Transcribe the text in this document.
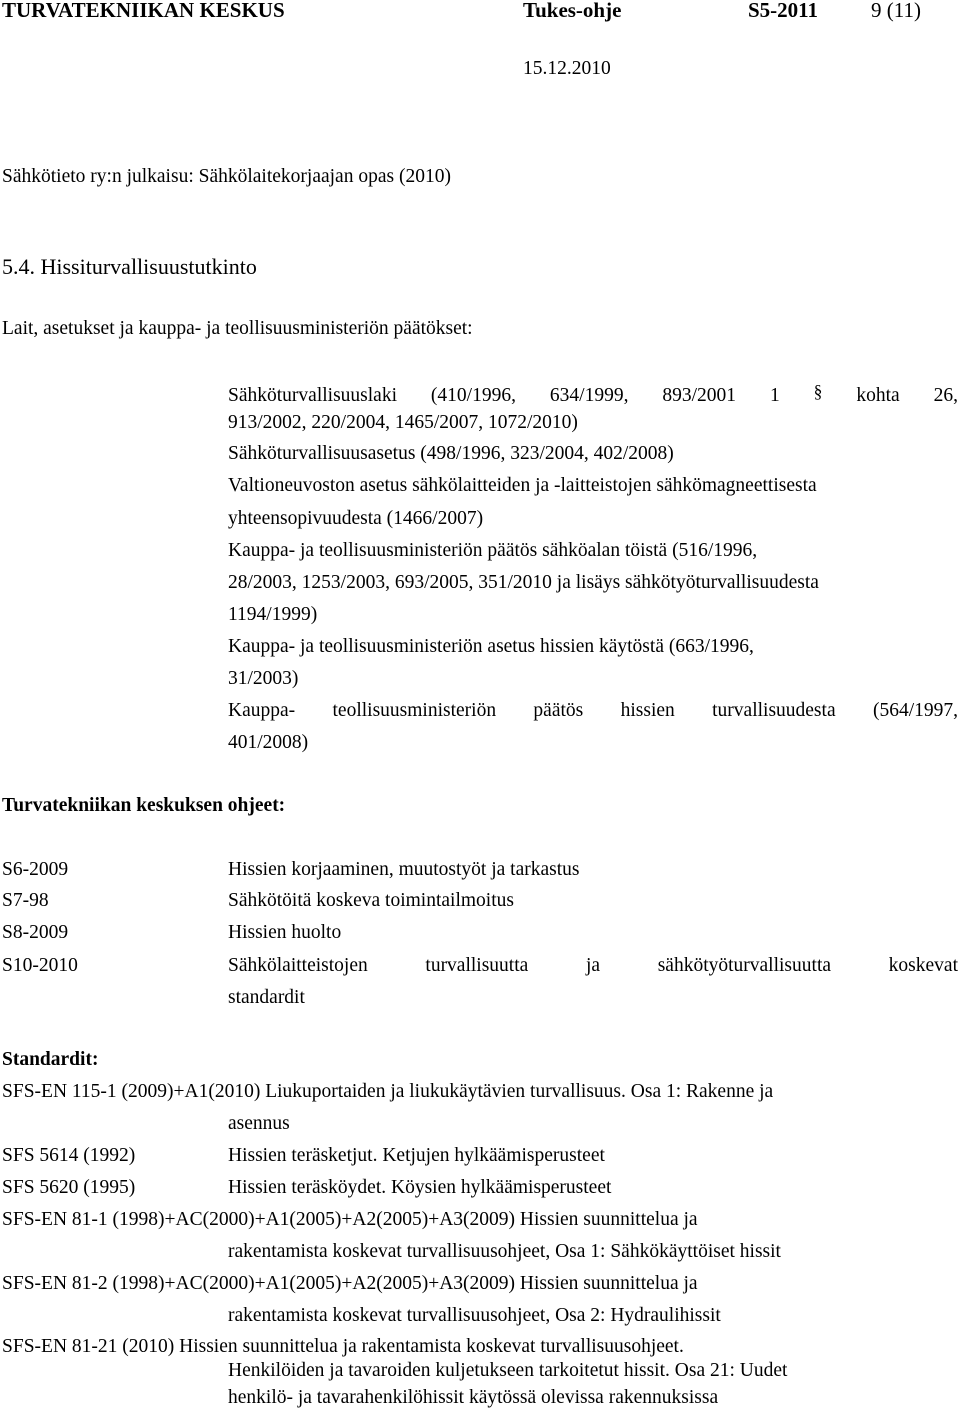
TURVATEKNIIKAN KESKUS	Tukes-ohje	S5-2011	9 (11)
15.12.2010
Sähkötieto ry:n julkaisu: Sähkölaitekorjaajan opas (2010)
5.4. Hissiturvallisuustutkinto
Lait, asetukset ja kauppa- ja teollisuusministeriön päätökset:
Sähköturvallisuuslaki (410/1996, 634/1999, 893/2001 1 § kohta 26,
913/2002, 220/2004, 1465/2007, 1072/2010)
Sähköturvallisuusasetus (498/1996, 323/2004, 402/2008)
Valtioneuvoston asetus sähkölaitteiden ja -laitteistojen sähkömagneettisesta
yhteensopivuudesta (1466/2007)
Kauppa- ja teollisuusministeriön päätös sähköalan töistä (516/1996,
28/2003, 1253/2003, 693/2005, 351/2010 ja lisäys sähkötyöturvallisuudesta
1194/1999)
Kauppa- ja teollisuusministeriön asetus hissien käytöstä (663/1996,
31/2003)
Kauppa- teollisuusministeriön päätös hissien turvallisuudesta (564/1997,
401/2008)
Turvatekniikan keskuksen ohjeet:
S6-2009	Hissien korjaaminen, muutostyöt ja tarkastus
S7-98	Sähkötöitä koskeva toimintailmoitus
S8-2009	Hissien huolto
S10-2010	Sähkölaitteistojen turvallisuutta ja sähkötyöturvallisuutta koskevat
standardit
Standardit:
SFS-EN 115-1 (2009)+A1(2010) Liukuportaiden ja liukukäytävien turvallisuus. Osa 1: Rakenne ja
asennus
SFS 5614 (1992)	Hissien teräsketjut. Ketjujen hylkäämisperusteet
SFS 5620 (1995)	Hissien teräsköydet. Köysien hylkäämisperusteet
SFS-EN 81-1 (1998)+AC(2000)+A1(2005)+A2(2005)+A3(2009) Hissien suunnittelua ja
rakentamista koskevat turvallisuusohjeet, Osa 1: Sähkökäyttöiset hissit
SFS-EN 81-2 (1998)+AC(2000)+A1(2005)+A2(2005)+A3(2009) Hissien suunnittelua ja
rakentamista koskevat turvallisuusohjeet, Osa 2: Hydraulihissit
SFS-EN 81-21 (2010) Hissien suunnittelua ja rakentamista koskevat turvallisuusohjeet.
Henkilöiden ja tavaroiden kuljetukseen tarkoitetut hissit. Osa 21: Uudet
henkilö- ja tavarahenkilöhissit käytössä olevissa rakennuksissa
